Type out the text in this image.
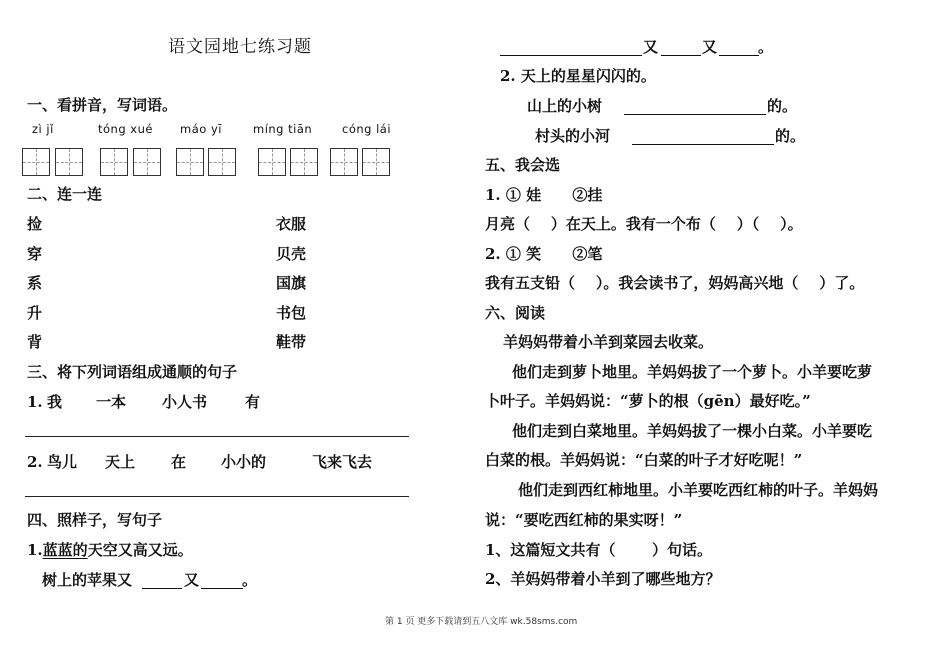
语文园地七练习题
一、看拼音，写词语。
zì jǐ	tóng xué máo yī	míng tiān	cóng lái
二、连一连
捡
穿
系
升
背
衣服
贝壳
国旗
书包
鞋带
三、将下列词语组成通顺的句子
1. 我 一本 小人书	有
2. 鸟儿 天上 在 小小的	飞来飞去
四、照样子，写句子
1.蓝蓝的天空又高又远。
树上的苹果又	又	。
又	又	。
2. 天上的星星闪闪的。
山上的小树	的。
村头的小河	的。
五、我会选
1. ① 娃      ②挂
月亮（    ）在天上。我有一个布（    ）（    ）。
2. ① 笑      ②笔
我有五支铅（    ）。我会读书了，妈妈高兴地（    ）了。
六、阅读
羊妈妈带着小羊到菜园去收菜。
他们走到萝卜地里。羊妈妈拔了一个萝卜。小羊要吃萝
卜叶子。羊妈妈说：“萝卜的根（gēn）最好吃。”
他们走到白菜地里。羊妈妈拔了一棵小白菜。小羊要吃
白菜的根。羊妈妈说：“白菜的叶子才好吃呢！”
他们走到西红柿地里。小羊要吃西红柿的叶子。羊妈妈
说：“要吃西红柿的果实呀！”
1、这篇短文共有（       ）句话。
2、羊妈妈带着小羊到了哪些地方？
第 1 页 更多下载请到五八文库 wk.58sms.com
